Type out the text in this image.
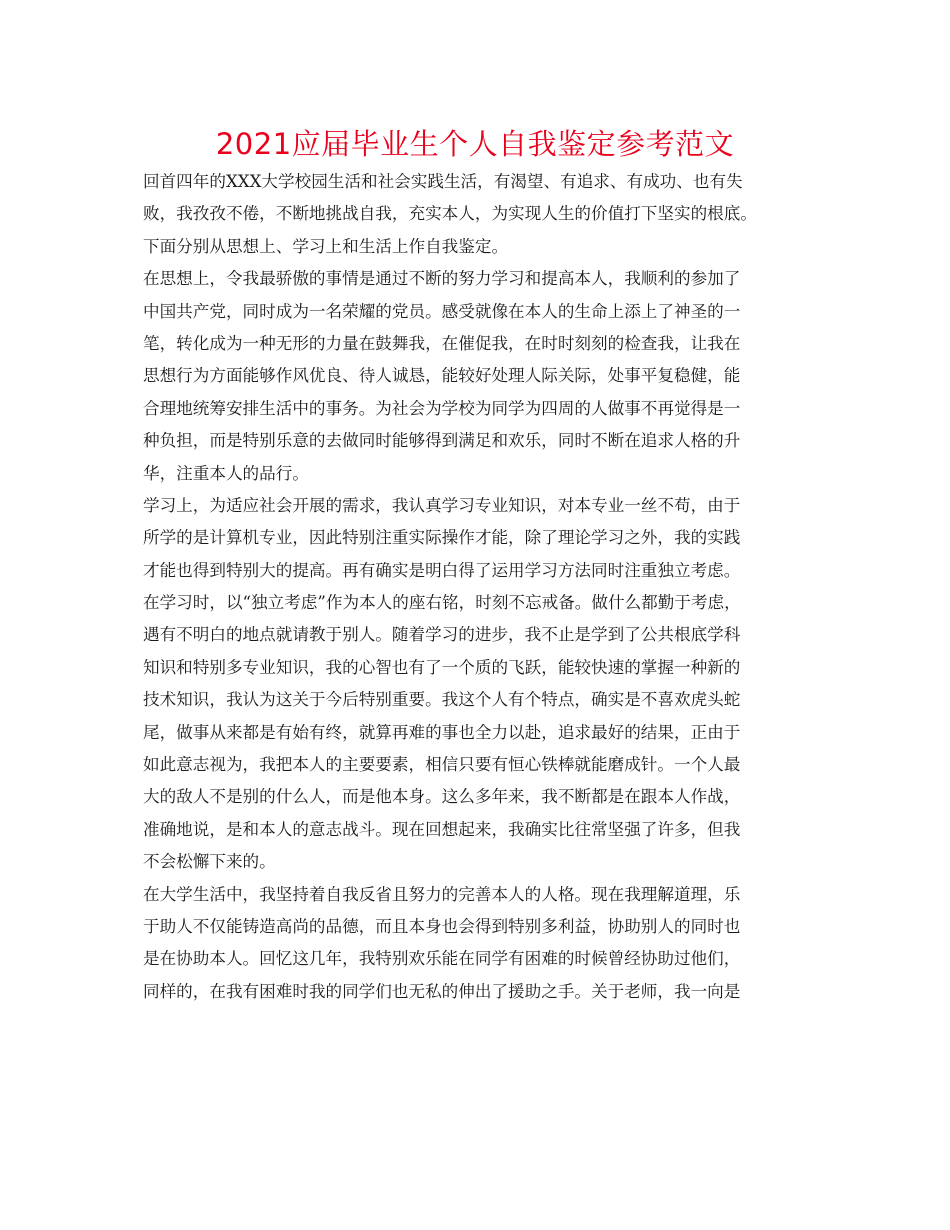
2021应届毕业生个人自我鉴定参考范文
回首四年的XXX大学校园生活和社会实践生活，有渴望、有追求、有成功、也有失
败，我孜孜不倦，不断地挑战自我，充实本人，为实现人生的价值打下坚实的根底。
下面分别从思想上、学习上和生活上作自我鉴定。
在思想上，令我最骄傲的事情是通过不断的努力学习和提高本人，我顺利的参加了
中国共产党，同时成为一名荣耀的党员。感受就像在本人的生命上添上了神圣的一
笔，转化成为一种无形的力量在鼓舞我，在催促我，在时时刻刻的检查我，让我在
思想行为方面能够作风优良、待人诚恳，能较好处理人际关际，处事平复稳健，能
合理地统筹安排生活中的事务。为社会为学校为同学为四周的人做事不再觉得是一
种负担，而是特别乐意的去做同时能够得到满足和欢乐，同时不断在追求人格的升
华，注重本人的品行。
学习上，为适应社会开展的需求，我认真学习专业知识，对本专业一丝不苟，由于
所学的是计算机专业，因此特别注重实际操作才能，除了理论学习之外，我的实践
才能也得到特别大的提高。再有确实是明白得了运用学习方法同时注重独立考虑。
在学习时，以“独立考虑”作为本人的座右铭，时刻不忘戒备。做什么都勤于考虑，
遇有不明白的地点就请教于别人。随着学习的进步，我不止是学到了公共根底学科
知识和特别多专业知识，我的心智也有了一个质的飞跃，能较快速的掌握一种新的
技术知识，我认为这关于今后特别重要。我这个人有个特点，确实是不喜欢虎头蛇
尾，做事从来都是有始有终，就算再难的事也全力以赴，追求最好的结果，正由于
如此意志视为，我把本人的主要要素，相信只要有恒心铁棒就能磨成针。一个人最
大的敌人不是别的什么人，而是他本身。这么多年来，我不断都是在跟本人作战，
准确地说，是和本人的意志战斗。现在回想起来，我确实比往常坚强了许多，但我
不会松懈下来的。
在大学生活中，我坚持着自我反省且努力的完善本人的人格。现在我理解道理，乐
于助人不仅能铸造高尚的品德，而且本身也会得到特别多利益，协助别人的同时也
是在协助本人。回忆这几年，我特别欢乐能在同学有困难的时候曾经协助过他们，
同样的，在我有困难时我的同学们也无私的伸出了援助之手。关于老师，我一向是
